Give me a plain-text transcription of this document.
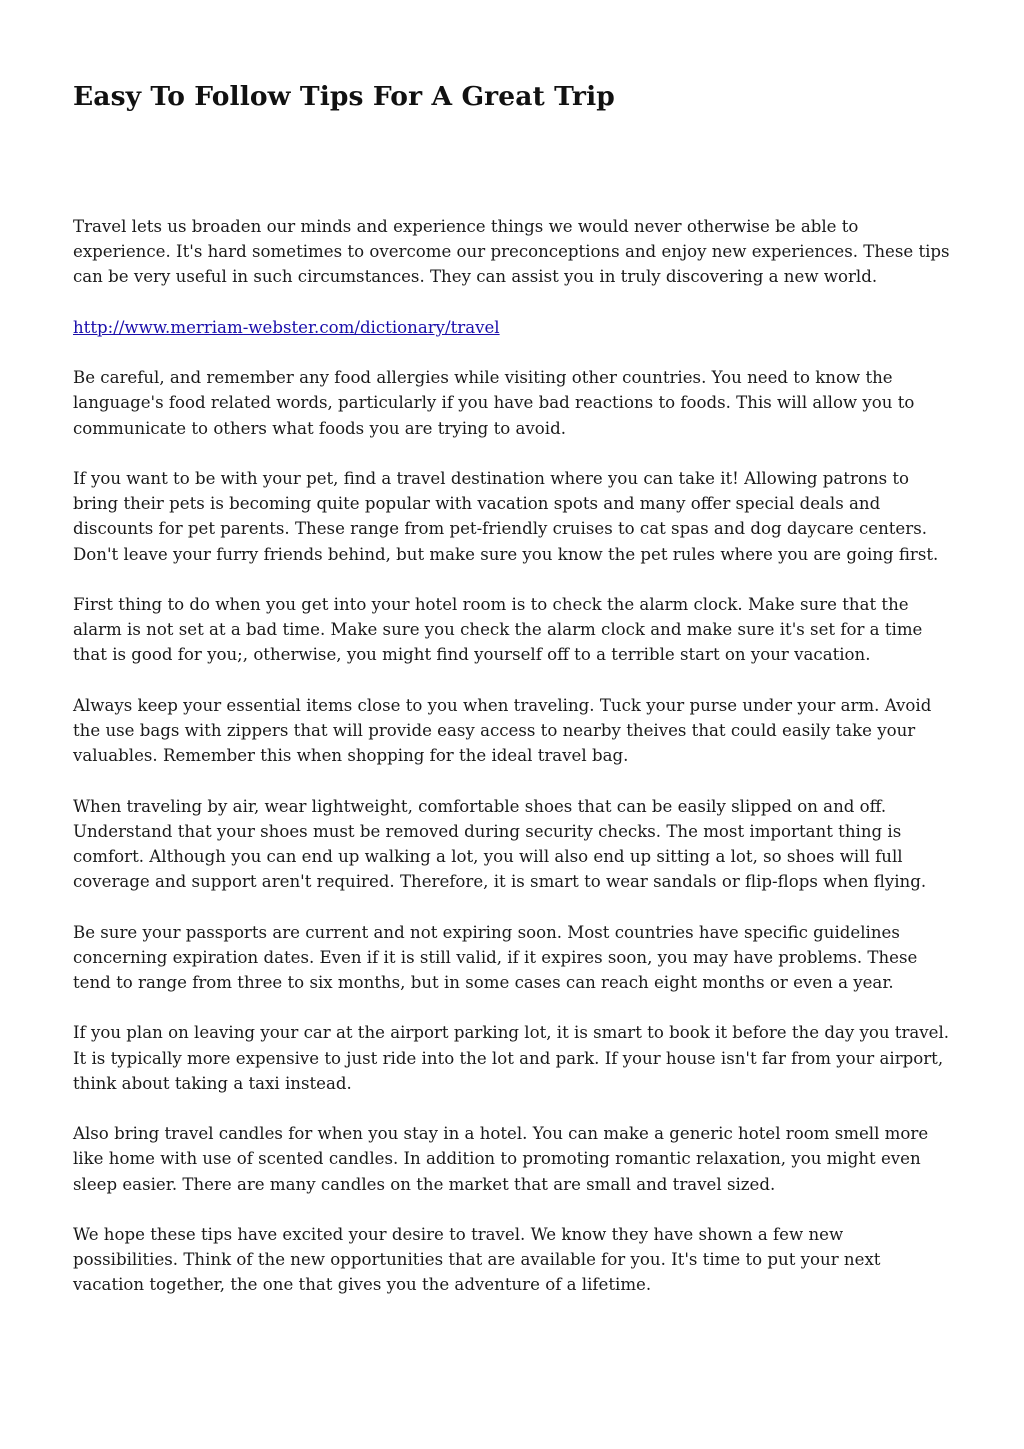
Easy To Follow Tips For A Great Trip

Travel lets us broaden our minds and experience things we would never otherwise be able to experience. It's hard sometimes to overcome our preconceptions and enjoy new experiences. These tips can be very useful in such circumstances. They can assist you in truly discovering a new world.

http://www.merriam-webster.com/dictionary/travel

Be careful, and remember any food allergies while visiting other countries. You need to know the language's food related words, particularly if you have bad reactions to foods. This will allow you to communicate to others what foods you are trying to avoid.

If you want to be with your pet, find a travel destination where you can take it! Allowing patrons to bring their pets is becoming quite popular with vacation spots and many offer special deals and discounts for pet parents. These range from pet-friendly cruises to cat spas and dog daycare centers. Don't leave your furry friends behind, but make sure you know the pet rules where you are going first.

First thing to do when you get into your hotel room is to check the alarm clock. Make sure that the alarm is not set at a bad time. Make sure you check the alarm clock and make sure it's set for a time that is good for you;, otherwise, you might find yourself off to a terrible start on your vacation.

Always keep your essential items close to you when traveling. Tuck your purse under your arm. Avoid the use bags with zippers that will provide easy access to nearby theives that could easily take your valuables. Remember this when shopping for the ideal travel bag.

When traveling by air, wear lightweight, comfortable shoes that can be easily slipped on and off. Understand that your shoes must be removed during security checks. The most important thing is comfort. Although you can end up walking a lot, you will also end up sitting a lot, so shoes will full coverage and support aren't required. Therefore, it is smart to wear sandals or flip-flops when flying.

Be sure your passports are current and not expiring soon. Most countries have specific guidelines concerning expiration dates. Even if it is still valid, if it expires soon, you may have problems. These tend to range from three to six months, but in some cases can reach eight months or even a year.

If you plan on leaving your car at the airport parking lot, it is smart to book it before the day you travel. It is typically more expensive to just ride into the lot and park. If your house isn't far from your airport, think about taking a taxi instead.

Also bring travel candles for when you stay in a hotel. You can make a generic hotel room smell more like home with use of scented candles. In addition to promoting romantic relaxation, you might even sleep easier. There are many candles on the market that are small and travel sized.

We hope these tips have excited your desire to travel. We know they have shown a few new possibilities. Think of the new opportunities that are available for you. It's time to put your next vacation together, the one that gives you the adventure of a lifetime.
